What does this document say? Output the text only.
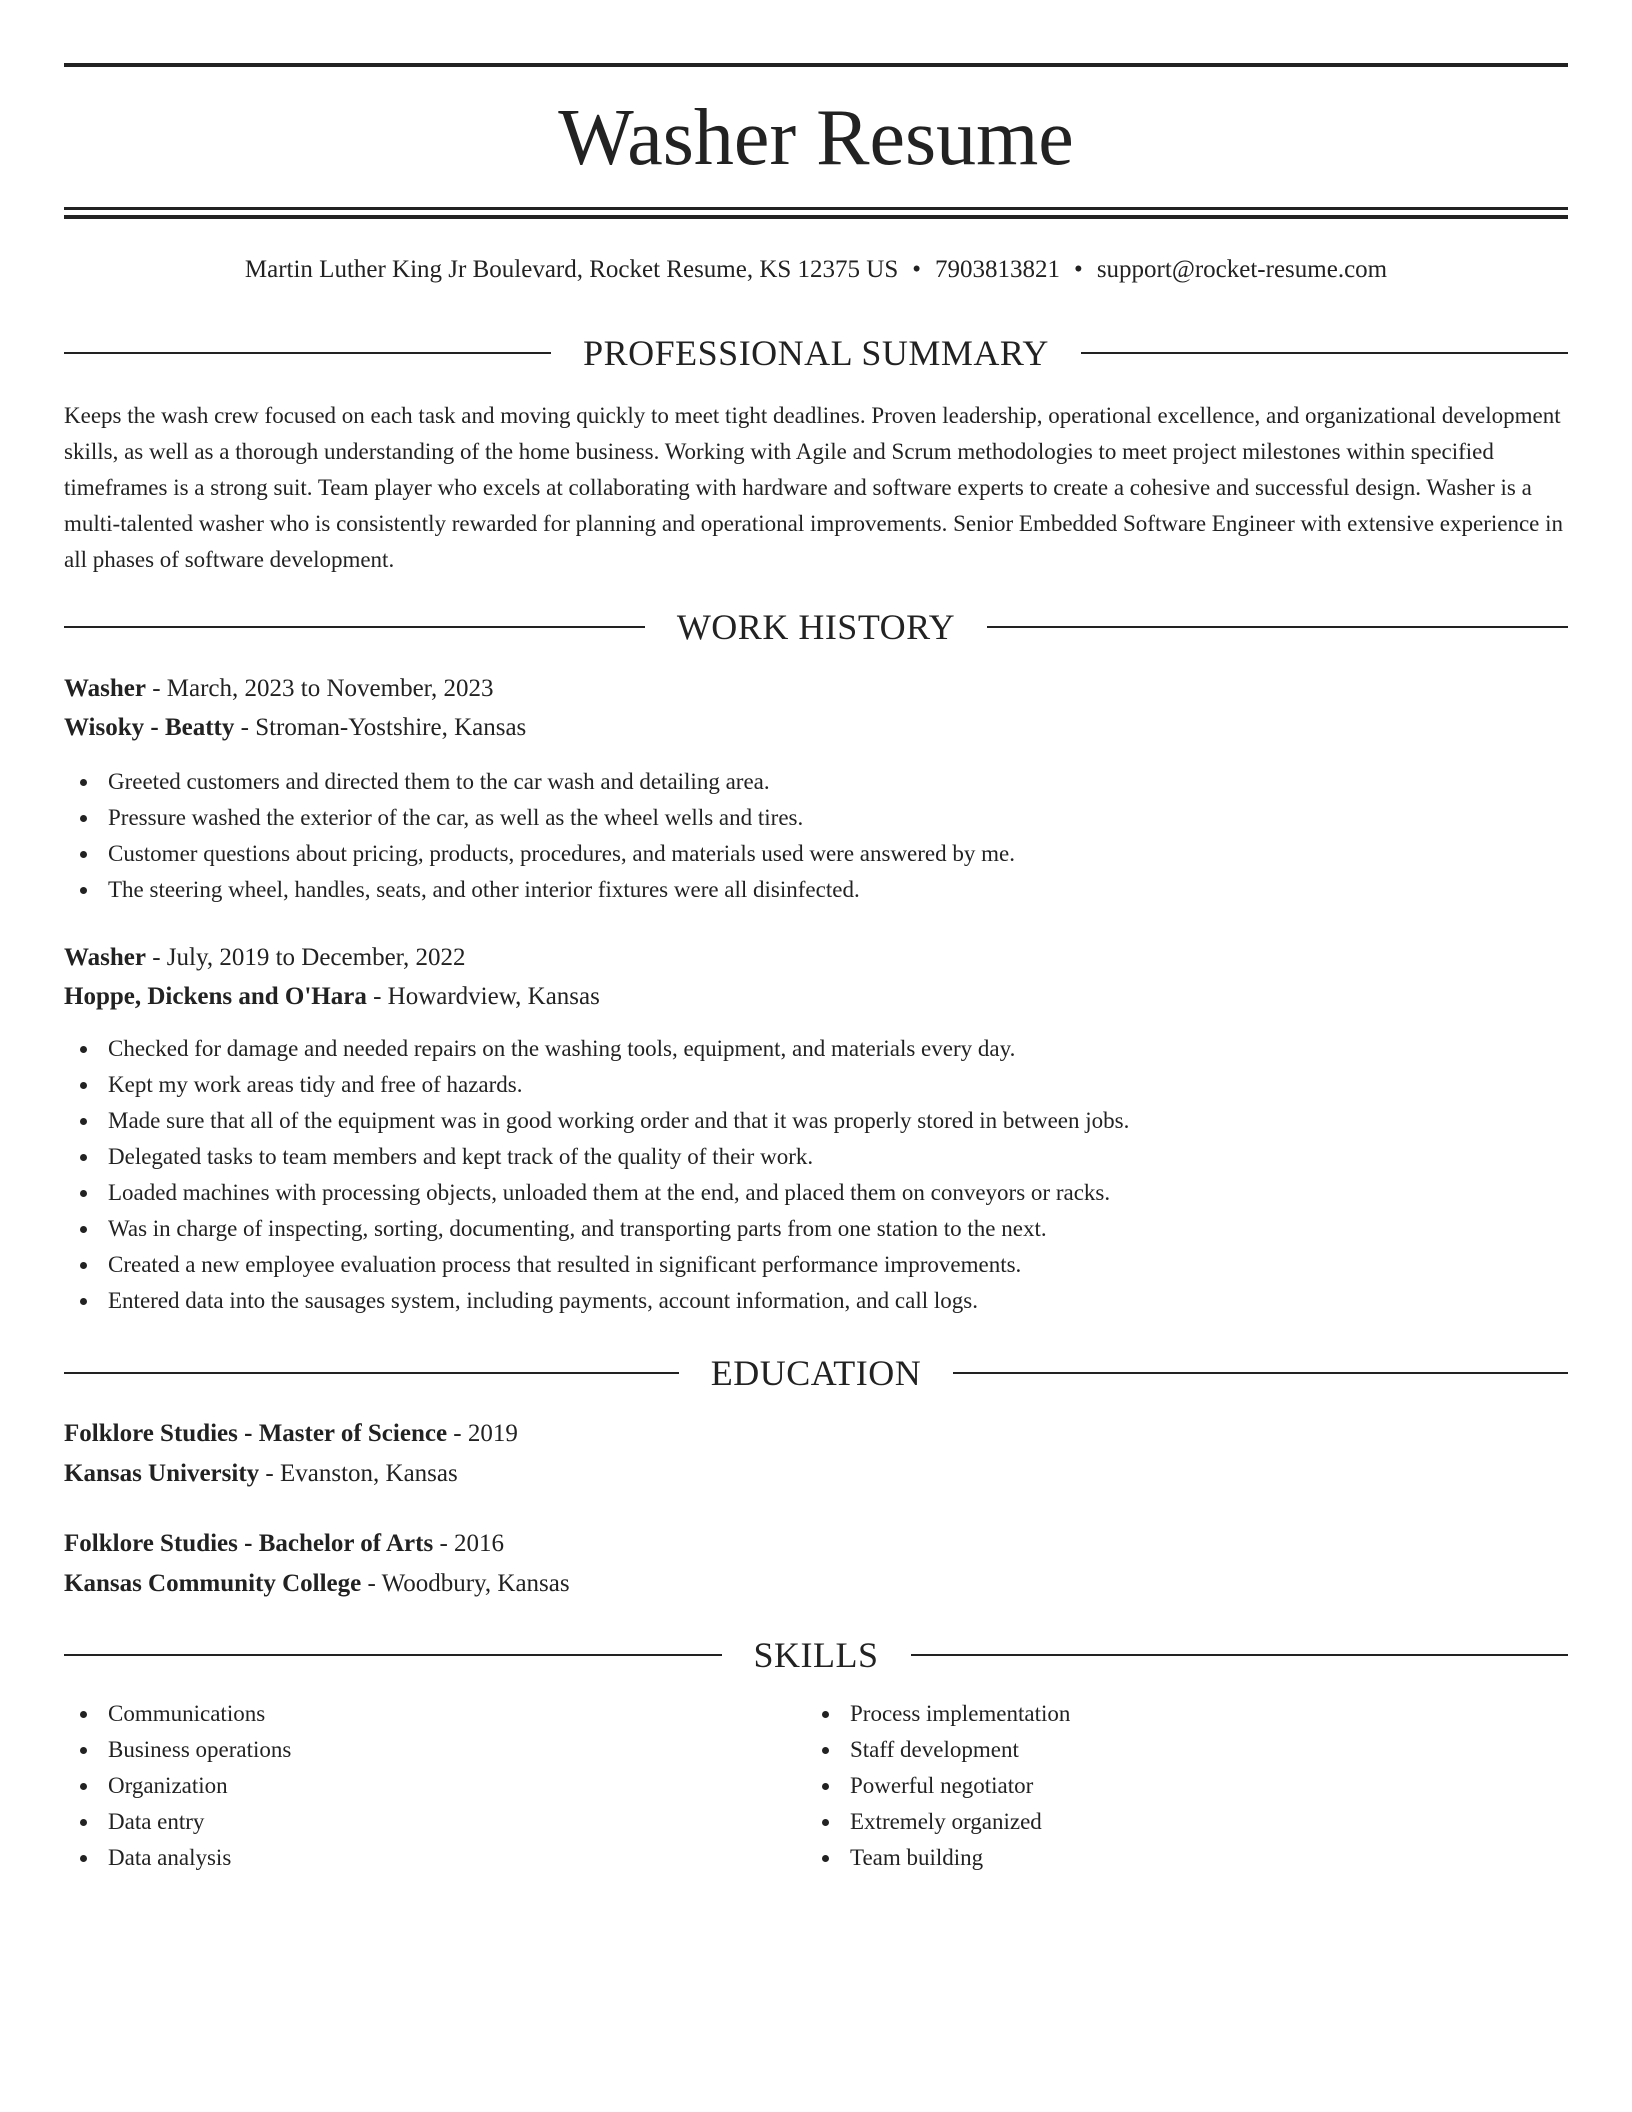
Washer Resume
Martin Luther King Jr Boulevard, Rocket Resume, KS 12375 US • 7903813821 • support@rocket-resume.com
PROFESSIONAL SUMMARY

Keeps the wash crew focused on each task and moving quickly to meet tight deadlines. Proven leadership, operational excellence, and organizational development skills, as well as a thorough understanding of the home business. Working with Agile and Scrum methodologies to meet project milestones within specified timeframes is a strong suit. Team player who excels at collaborating with hardware and software experts to create a cohesive and successful design. Washer is a multi-talented washer who is consistently rewarded for planning and operational improvements. Senior Embedded Software Engineer with extensive experience in all phases of software development.

WORK HISTORY
Washer - March, 2023 to November, 2023
Wisoky - Beatty - Stroman-Yostshire, Kansas
Greeted customers and directed them to the car wash and detailing area.
Pressure washed the exterior of the car, as well as the wheel wells and tires.
Customer questions about pricing, products, procedures, and materials used were answered by me.
The steering wheel, handles, seats, and other interior fixtures were all disinfected.
Washer - July, 2019 to December, 2022
Hoppe, Dickens and O'Hara - Howardview, Kansas
Checked for damage and needed repairs on the washing tools, equipment, and materials every day.
Kept my work areas tidy and free of hazards.
Made sure that all of the equipment was in good working order and that it was properly stored in between jobs.
Delegated tasks to team members and kept track of the quality of their work.
Loaded machines with processing objects, unloaded them at the end, and placed them on conveyors or racks.
Was in charge of inspecting, sorting, documenting, and transporting parts from one station to the next.
Created a new employee evaluation process that resulted in significant performance improvements.
Entered data into the sausages system, including payments, account information, and call logs.
EDUCATION
Folklore Studies - Master of Science - 2019
Kansas University - Evanston, Kansas
Folklore Studies - Bachelor of Arts - 2016
Kansas Community College - Woodbury, Kansas
SKILLS
Communications
Business operations
Organization
Data entry
Data analysis
Process implementation
Staff development
Powerful negotiator
Extremely organized
Team building
